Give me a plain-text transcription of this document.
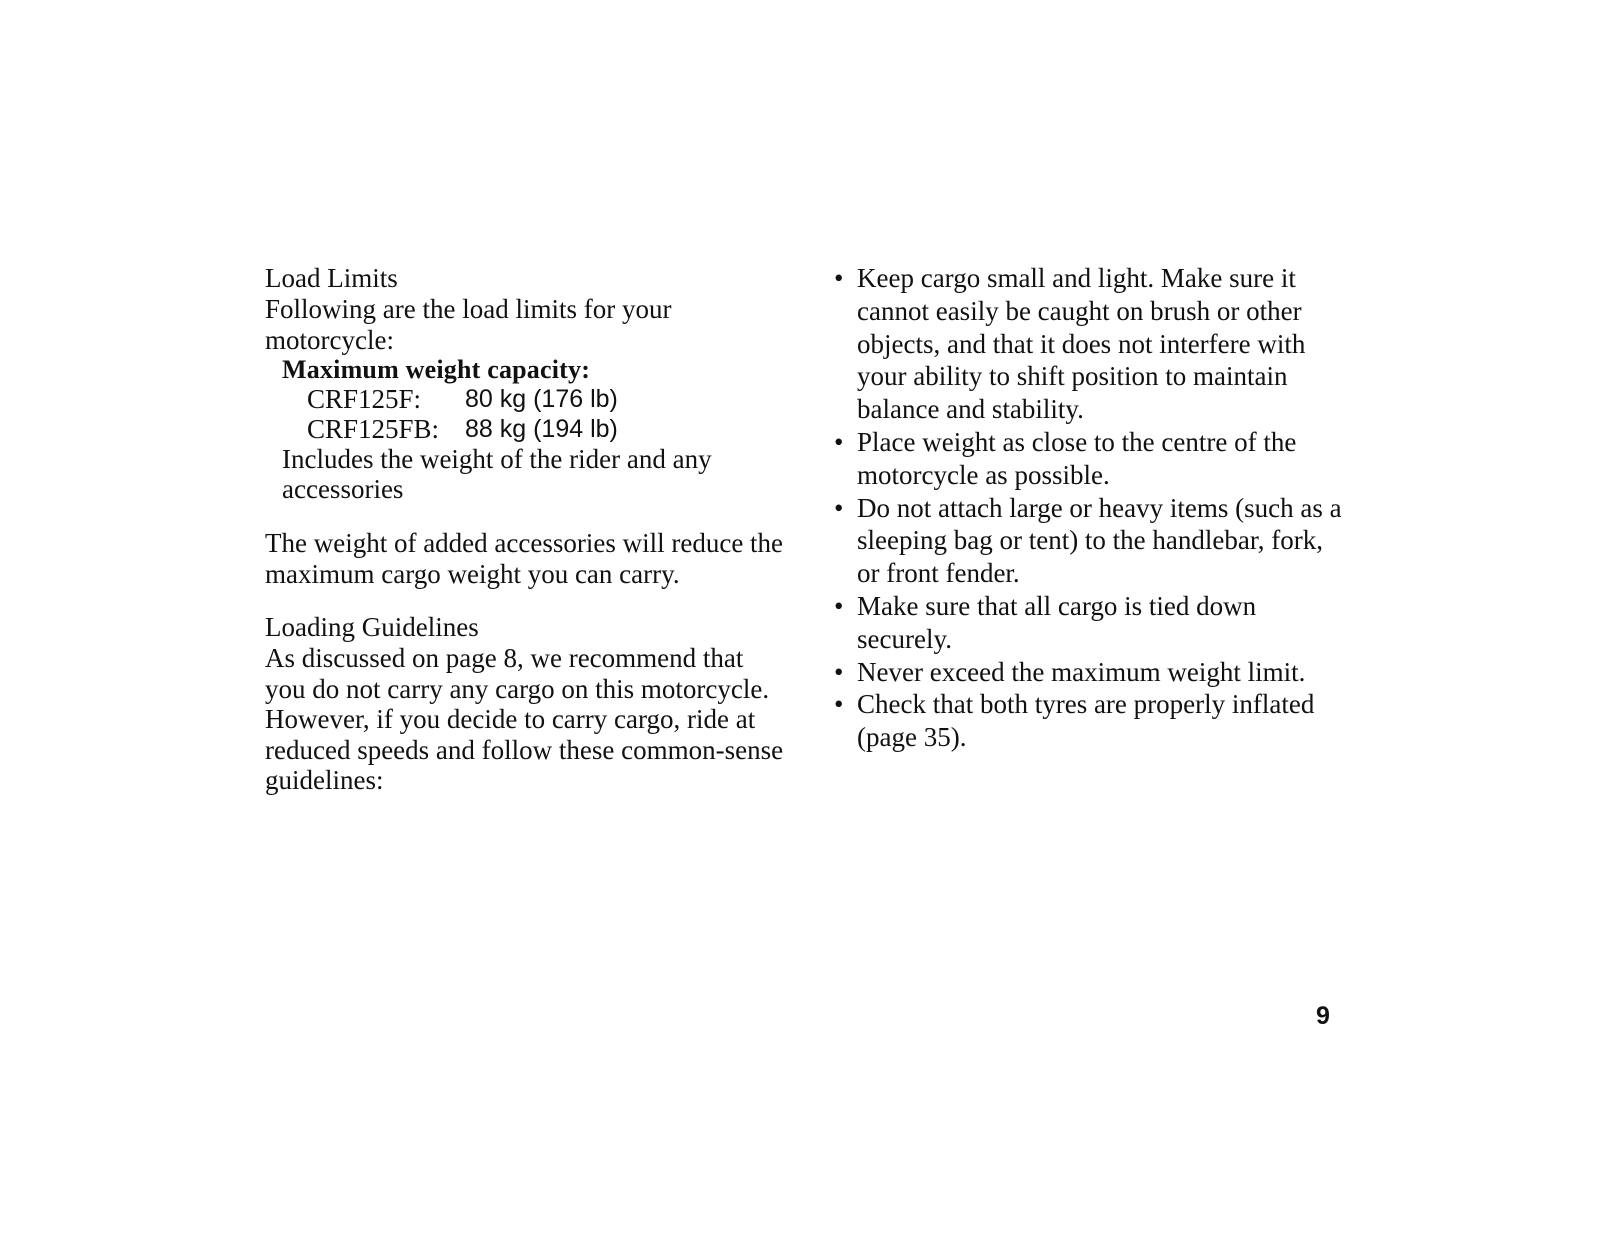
Load Limits

Following are the load limits for your motorcycle:

Maximum weight capacity:
CRF125F:	80 kg (176 lb)
CRF125FB:	88 kg (194 lb)

Includes the weight of the rider and any accessories

The weight of added accessories will reduce the maximum cargo weight you can carry.

Loading Guidelines

As discussed on page 8, we recommend that you do not carry any cargo on this motorcycle. However, if you decide to carry cargo, ride at reduced speeds and follow these common-sense guidelines:

• Keep cargo small and light. Make sure it cannot easily be caught on brush or other objects, and that it does not interfere with your ability to shift position to maintain balance and stability.
• Place weight as close to the centre of the motorcycle as possible.
• Do not attach large or heavy items (such as a sleeping bag or tent) to the handlebar, fork, or front fender.
• Make sure that all cargo is tied down securely.
• Never exceed the maximum weight limit.
• Check that both tyres are properly inflated (page 35).
9
